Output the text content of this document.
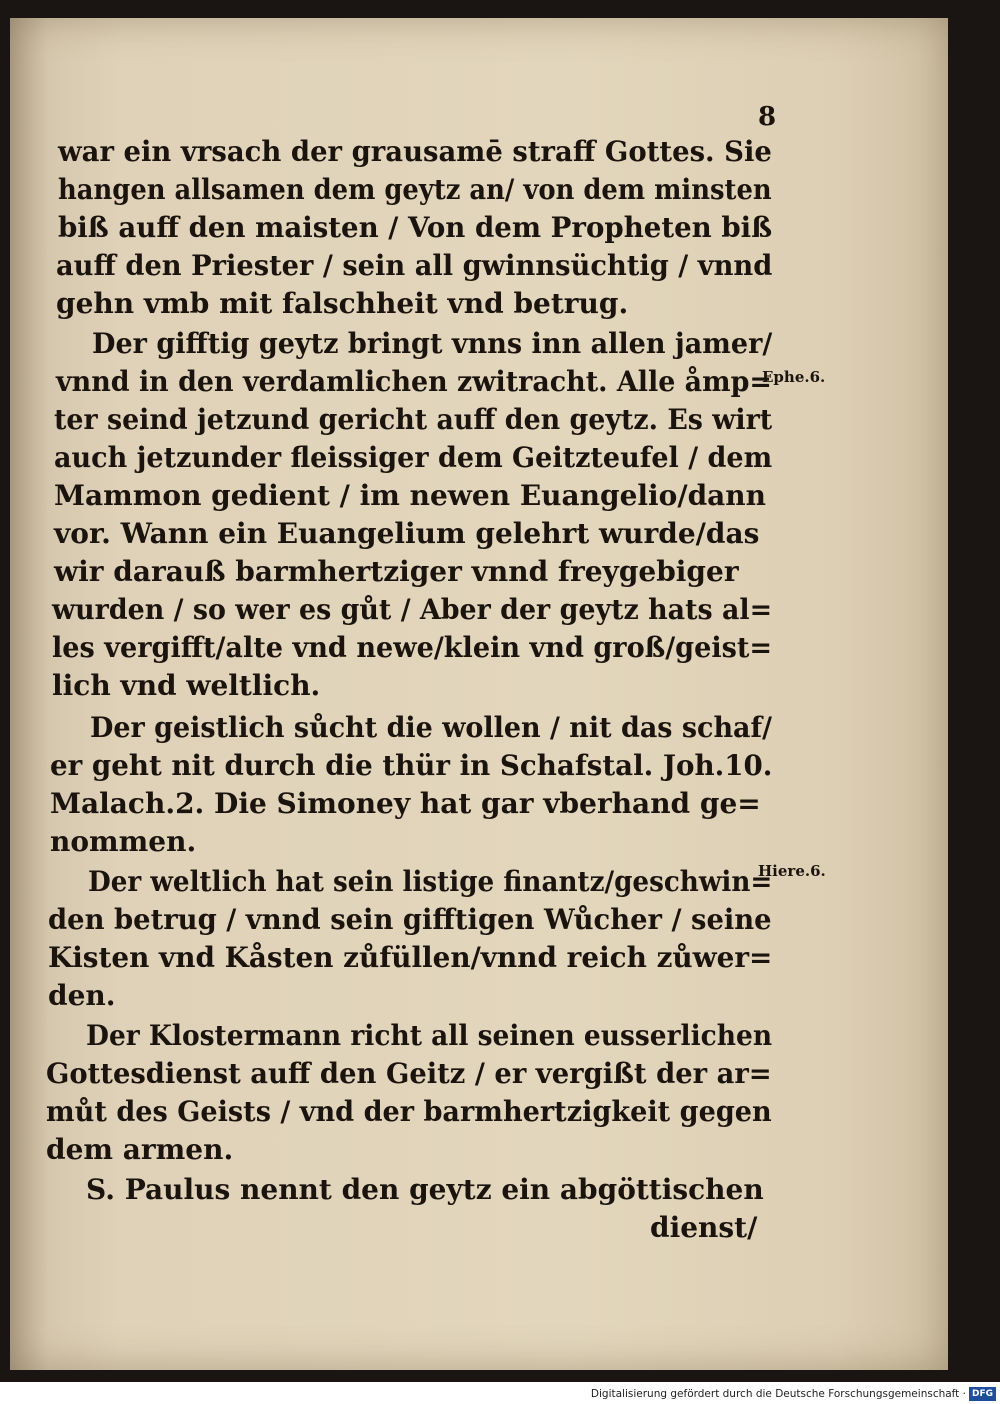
8
war ein vrsach der grausamē straff Gottes. Sie
hangen allsamen dem geytz an/ von dem minsten
biß auff den maisten / Von dem Propheten biß
auff den Priester / sein all gwinnsüchtig / vnnd
gehn vmb mit falschheit vnd betrug.
Der gifftig geytz bringt vnns inn allen jamer/
vnnd in den verdamlichen zwitracht. Alle åmp=
ter seind jetzund gericht auff den geytz. Es wirt
auch jetzunder fleissiger dem Geitzteufel / dem
Mammon gedient / im newen Euangelio/dann
vor. Wann ein Euangelium gelehrt wurde/das
wir darauß barmhertziger vnnd freygebiger
wurden / so wer es gůt / Aber der geytz hats al=
les vergifft/alte vnd newe/klein vnd groß/geist=
lich vnd weltlich.
Der geistlich sůcht die wollen / nit das schaf/
er geht nit durch die thür in Schafstal. Joh.10.
Malach.2. Die Simoney hat gar vberhand ge=
nommen.
Der weltlich hat sein listige finantz/geschwin=
den betrug / vnnd sein gifftigen Wůcher / seine
Kisten vnd Kåsten zůfüllen/vnnd reich zůwer=
den.
Der Klostermann richt all seinen eusserlichen
Gottesdienst auff den Geitz / er vergißt der ar=
můt des Geists / vnd der barmhertzigkeit gegen
dem armen.
S. Paulus nennt den geytz ein abgöttischen
dienst/
Ephe.6.
Hiere.6.
Digitalisierung gefördert durch die Deutsche Forschungsgemeinschaft · DFG
